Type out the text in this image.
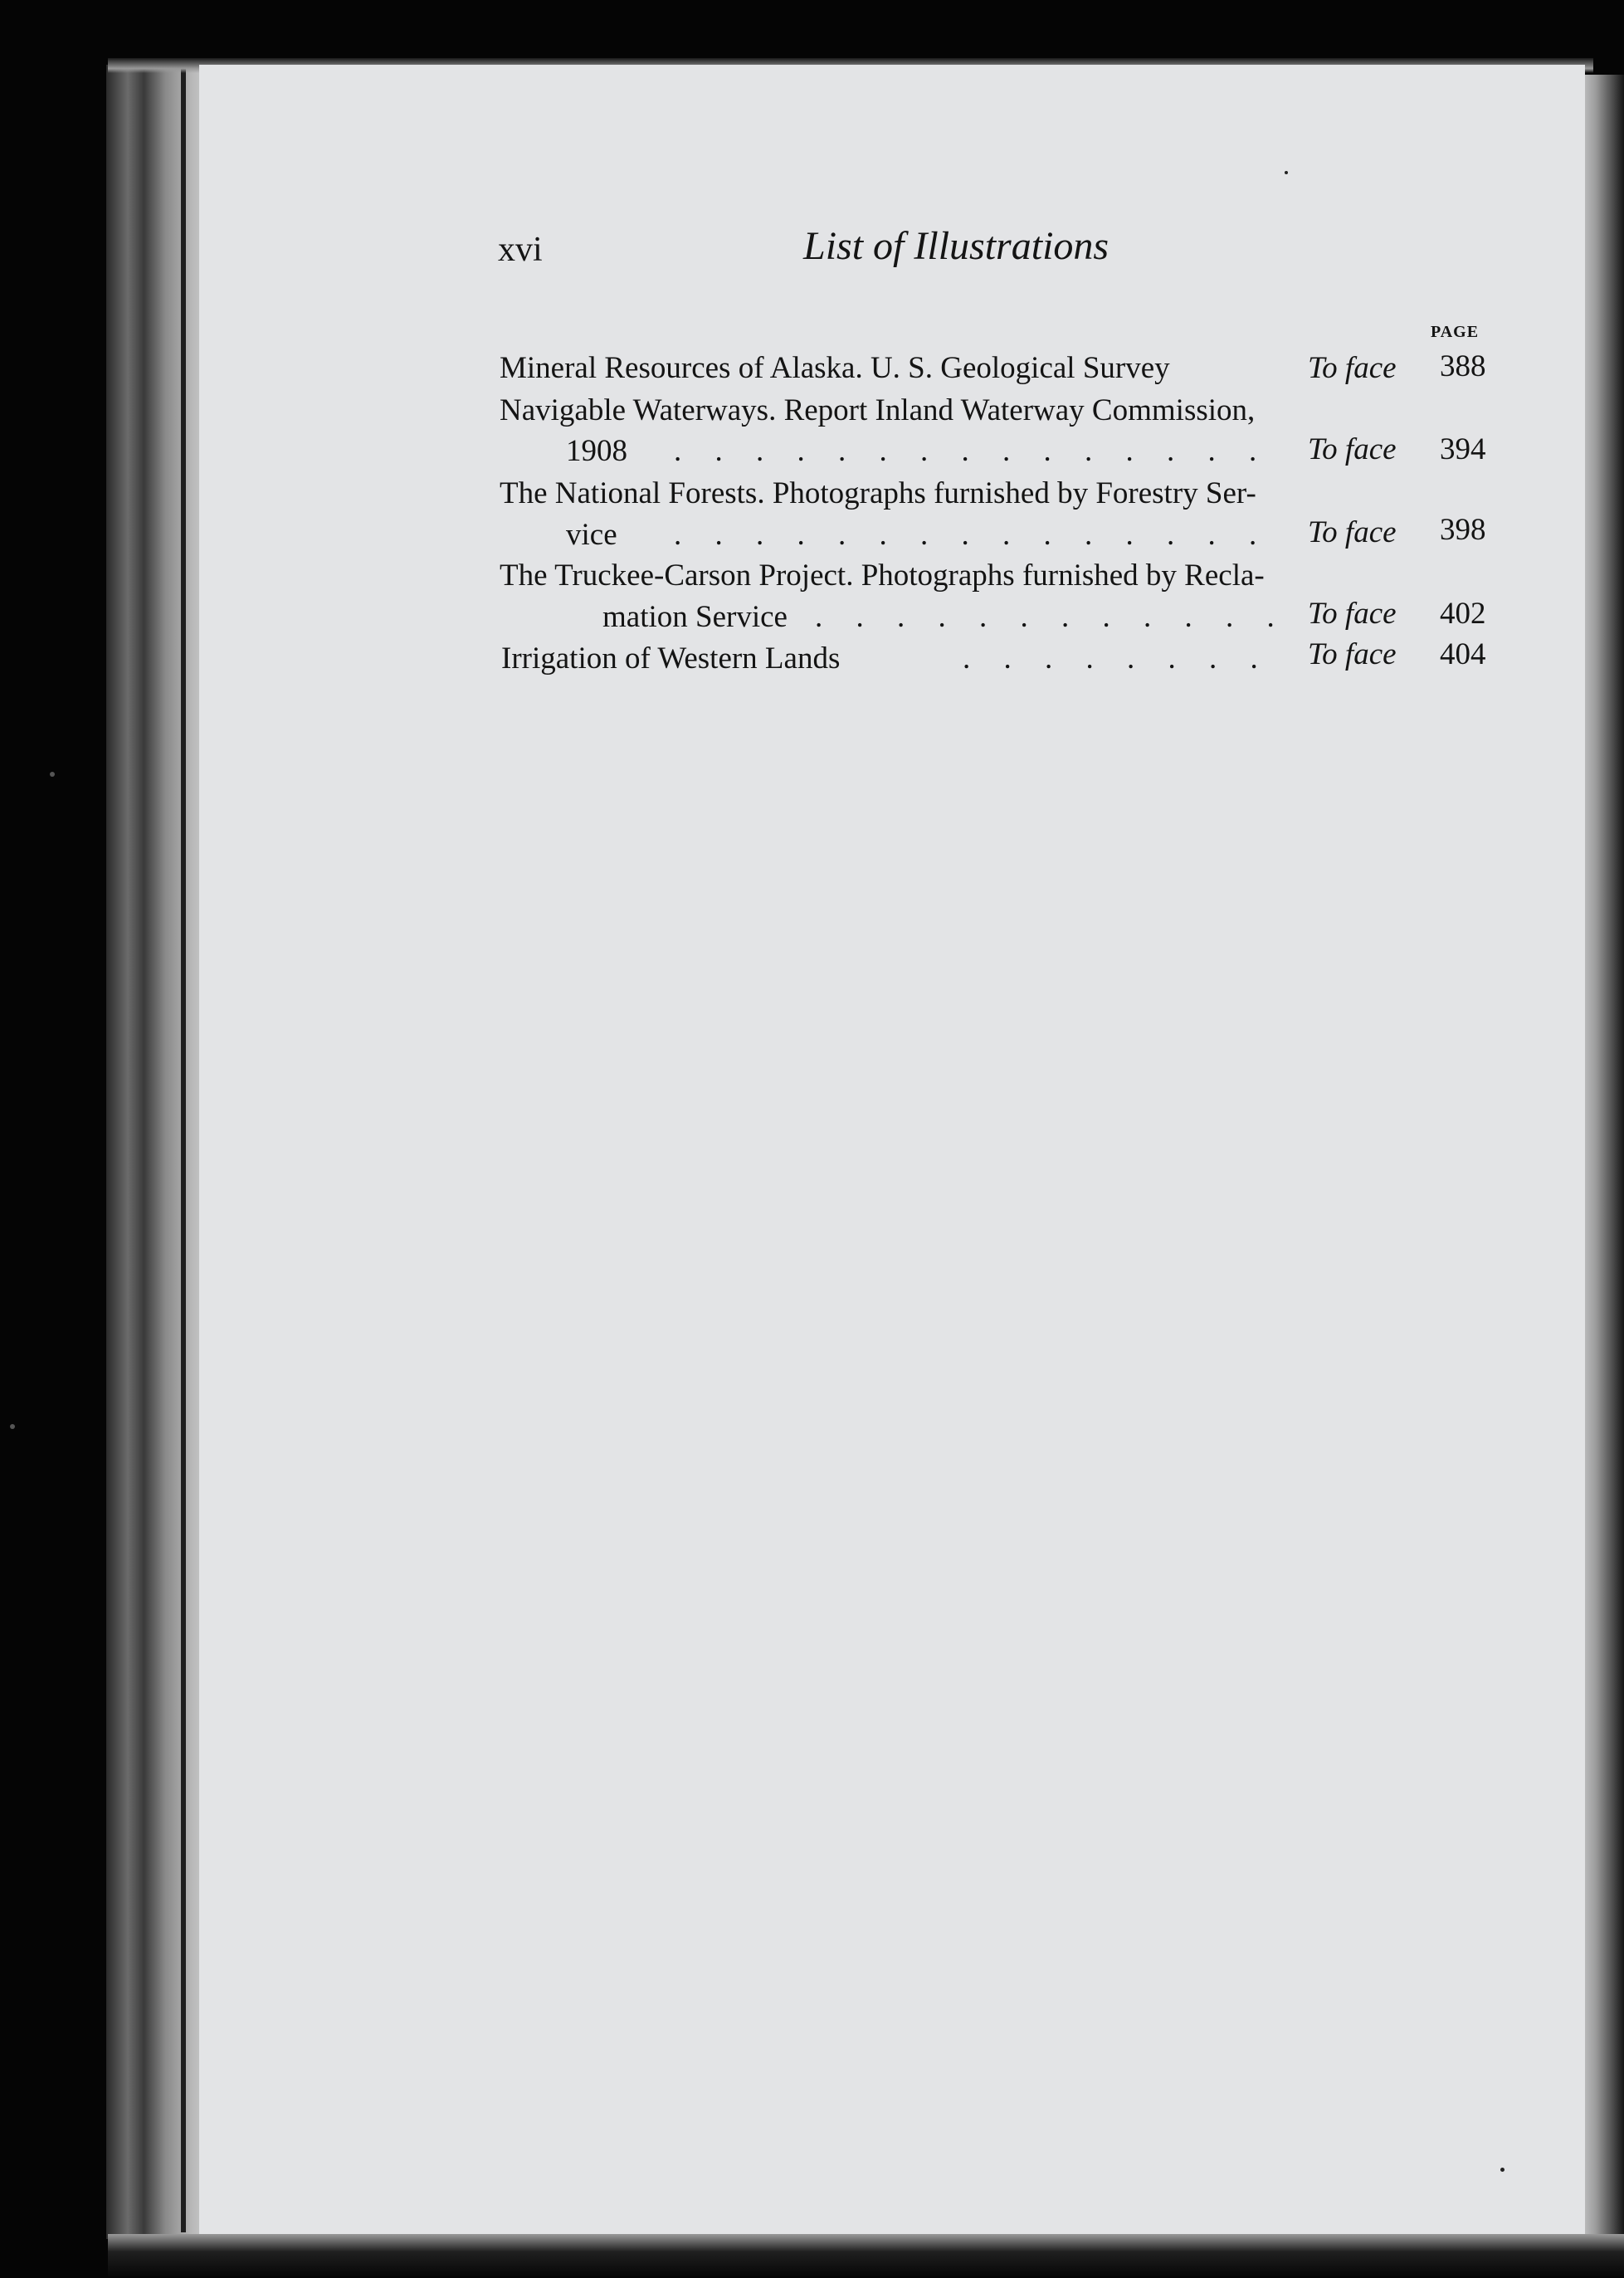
xvi	List of Illustrations
PAGE
Mineral Resources of Alaska. U. S. Geological Survey	To face 388
Navigable Waterways. Report Inland Waterway Commission,
1908 . . . . . . . . . . . . . . .	To face 394
The National Forests. Photographs furnished by Forestry Ser-
vice . . . . . . . . . . . . . . .	To face 398
The Truckee-Carson Project. Photographs furnished by Recla-
mation Service . . . . . . . . . . . .	To face 402
Irrigation of Western Lands	. . . . . . . .	To face 404
